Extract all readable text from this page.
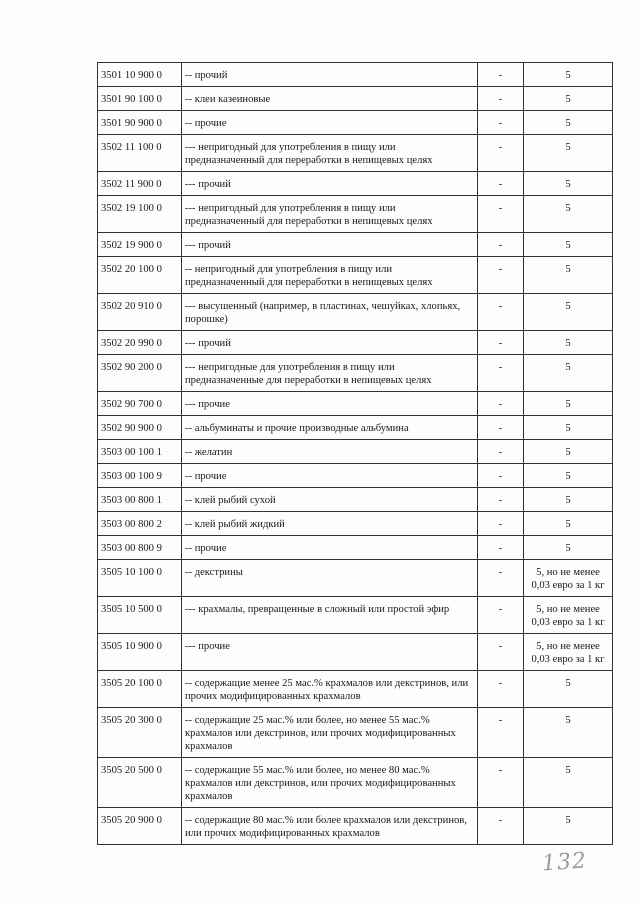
3501 10 900 0	-- прочий	-	5
3501 90 100 0	-- клеи казеиновые	-	5
3501 90 900 0	-- прочие	-	5
3502 11 100 0	--- непригодный для употребления в пищу или предназначенный для переработки в непищевых целях	-	5
3502 11 900 0	--- прочий	-	5
3502 19 100 0	--- непригодный для употребления в пищу или предназначенный для переработки в непищевых целях	-	5
3502 19 900 0	--- прочий	-	5
3502 20 100 0	-- непригодный для употребления в пищу или предназначенный для переработки в непищевых целях	-	5
3502 20 910 0	--- высушенный (например, в пластинах, чешуйках, хлопьях, порошке)	-	5
3502 20 990 0	--- прочий	-	5
3502 90 200 0	--- непригодные для употребления в пищу или предназначенные для переработки в непищевых целях	-	5
3502 90 700 0	--- прочие	-	5
3502 90 900 0	-- альбуминаты и прочие производные альбумина	-	5
3503 00 100 1	-- желатин	-	5
3503 00 100 9	-- прочие	-	5
3503 00 800 1	-- клей рыбий сухой	-	5
3503 00 800 2	-- клей рыбий жидкий	-	5
3503 00 800 9	-- прочие	-	5
3505 10 100 0	-- декстрины	-	5, но не менее 0,03 евро за 1 кг
3505 10 500 0	--- крахмалы, превращенные в сложный или простой эфир	-	5, но не менее 0,03 евро за 1 кг
3505 10 900 0	--- прочие	-	5, но не менее 0,03 евро за 1 кг
3505 20 100 0	-- содержащие менее 25 мас.% крахмалов или декстринов, или прочих модифицированных крахмалов	-	5
3505 20 300 0	-- содержащие 25 мас.% или более, но менее 55 мас.% крахмалов или декстринов, или прочих модифицированных крахмалов	-	5
3505 20 500 0	-- содержащие 55 мас.% или более, но менее 80 мас.% крахмалов или декстринов, или прочих модифицированных крахмалов	-	5
3505 20 900 0	-- содержащие 80 мас.% или более крахмалов или декстринов, или прочих модифицированных крахмалов	-	5
132
